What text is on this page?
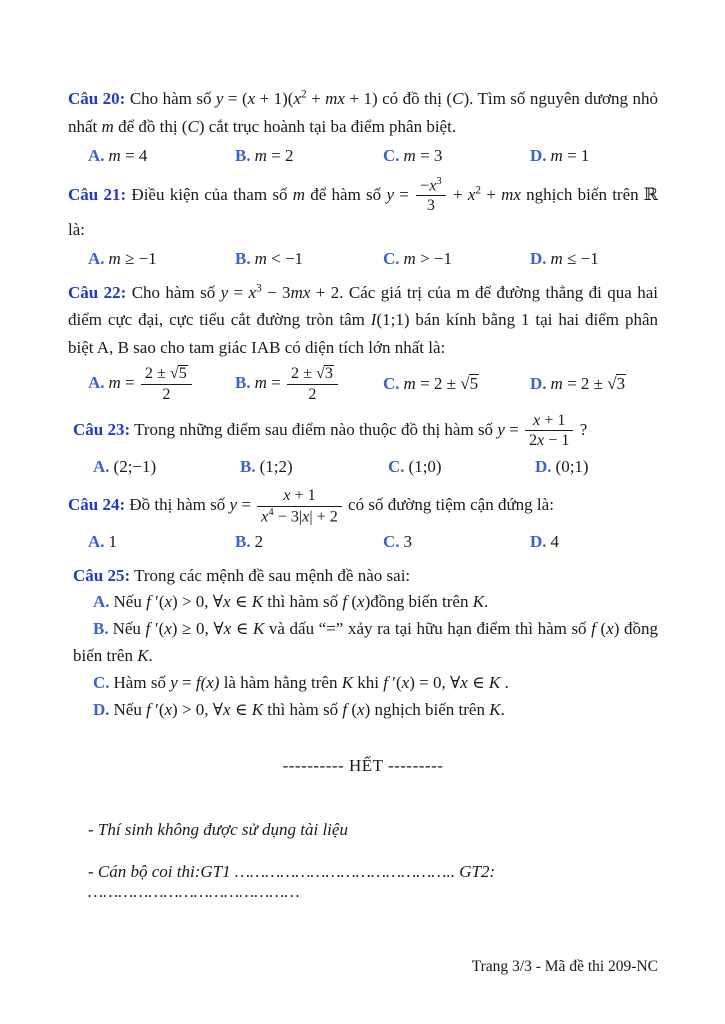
Câu 20: Cho hàm số $y = (x + 1)(x^2$ + mx + 1) có đồ thị (C). Tìm số nguyên dương nhỏ nhất m để đồ thị (C) cắt trục hoành tại ba điểm phân biệt.

A. m = 4	B. m = 2	C. m = 3	D. m = 1

Câu 21: Điều kiện của tham số m để hàm số $y = \frac{-x^3}{3} + x^2$ + mx nghịch biến trên ℝ là:

A. m ≥ −1	B. m < −1	C. m > −1	D. m ≤ −1

Câu 22: Cho hàm số $y = x^3 - 3mx + 2$. Các giá trị của m để đường thẳng đi qua hai điểm cực đại, cực tiểu cắt đường tròn tâm I(1;1) bán kính bằng 1 tại hai điểm phân biệt A, B sao cho tam giác IAB có diện tích lớn nhất là:

A. $m = \frac{2 \pm √5}{2} B$. $m = \frac{2 \pm √3}{2}$	C. m = 2 ± √5	D. m = 2 ± √3

Câu 23: Trong những điểm sau điểm nào thuộc đồ thị hàm số $y = \frac{x + 1}{2x - 1}$ ?

A. (2;−1)	B. (1;2)	C. (1;0)	D. (0;1)

Câu 24: Đồ thị hàm số $y = \frac{x + 1}{x^4 - 3|x| + 2}$ có số đường tiệm cận đứng là:

A. 1	B. 2	C. 3	D. 4

Câu 25: Trong các mệnh đề sau mệnh đề nào sai:

A. Nếu f ′(x) > 0, ∀x ∈ K thì hàm số f (x)đồng biến trên K.

B. Nếu f ′(x) ≥ 0, ∀x ∈ K và dấu “=” xảy ra tại hữu hạn điểm thì hàm số f (x) đồng biến trên K.

C. Hàm số y = f(x) là hàm hằng trên K khi f ′(x) = 0, ∀x ∈ K .

D. Nếu f ′(x) > 0, ∀x ∈ K thì hàm số f (x) nghịch biến trên K.

---------- HẾT ---------

- Thí sinh không được sử dụng tài liệu

- Cán bộ coi thi:GT1 …………………………………….. GT2: ……………………………………

Trang 3/3 - Mã đề thi 209-NC
